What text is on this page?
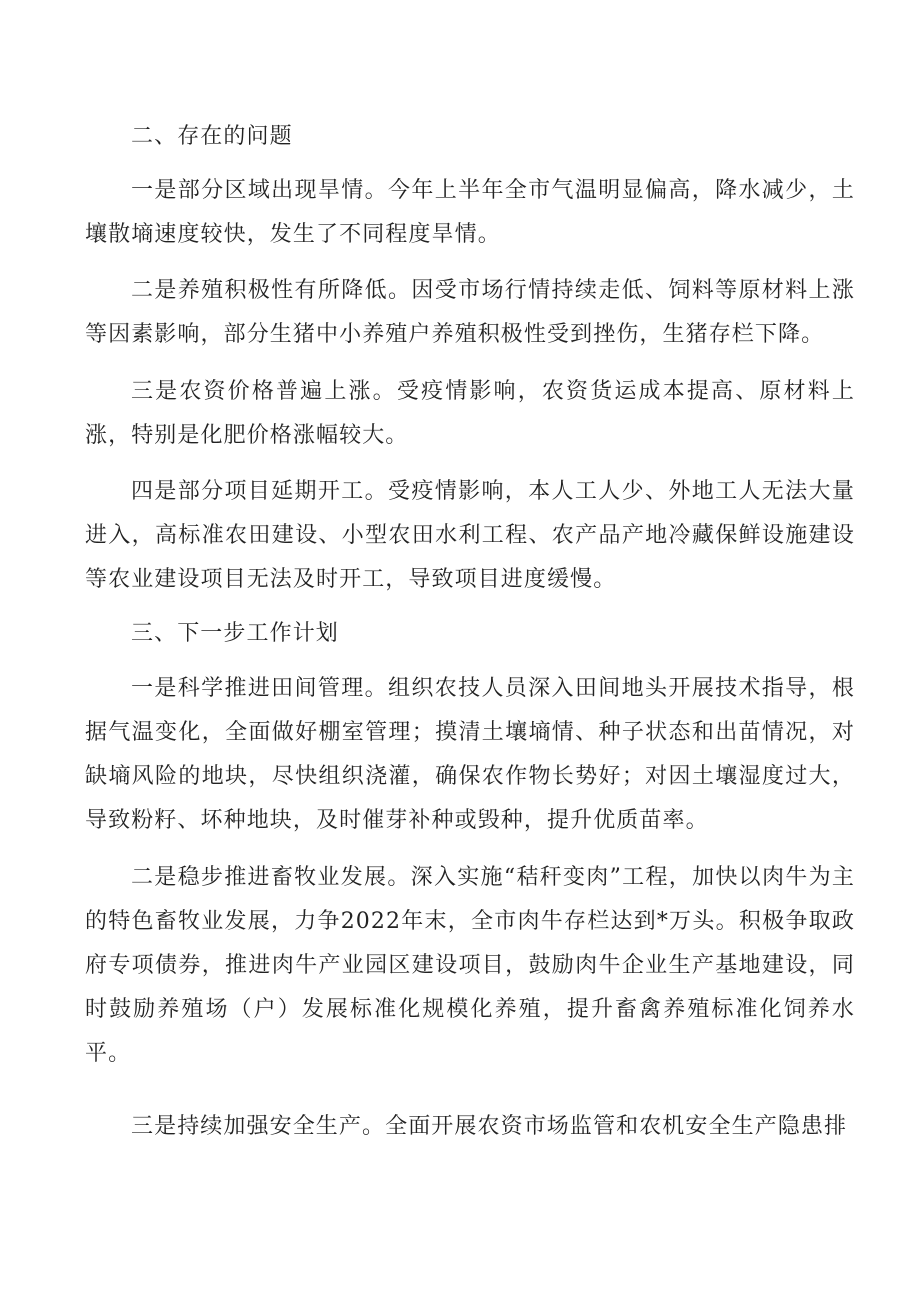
二、存在的问题

一是部分区域出现旱情。今年上半年全市气温明显偏高，降水减少，土壤散墒速度较快，发生了不同程度旱情。

二是养殖积极性有所降低。因受市场行情持续走低、饲料等原材料上涨等因素影响，部分生猪中小养殖户养殖积极性受到挫伤，生猪存栏下降。

三是农资价格普遍上涨。受疫情影响，农资货运成本提高、原材料上涨，特别是化肥价格涨幅较大。

四是部分项目延期开工。受疫情影响，本人工人少、外地工人无法大量进入，高标准农田建设、小型农田水利工程、农产品产地冷藏保鲜设施建设等农业建设项目无法及时开工，导致项目进度缓慢。

三、下一步工作计划

一是科学推进田间管理。组织农技人员深入田间地头开展技术指导，根据气温变化，全面做好棚室管理；摸清土壤墒情、种子状态和出苗情况，对缺墒风险的地块，尽快组织浇灌，确保农作物长势好；对因土壤湿度过大，导致粉籽、坏种地块，及时催芽补种或毁种，提升优质苗率。

二是稳步推进畜牧业发展。深入实施“秸秆变肉”工程，加快以肉牛为主的特色畜牧业发展，力争2022年末，全市肉牛存栏达到*万头。积极争取政府专项债券，推进肉牛产业园区建设项目，鼓励肉牛企业生产基地建设，同时鼓励养殖场（户）发展标准化规模化养殖，提升畜禽养殖标准化饲养水平。

三是持续加强安全生产。全面开展农资市场监管和农机安全生产隐患排
